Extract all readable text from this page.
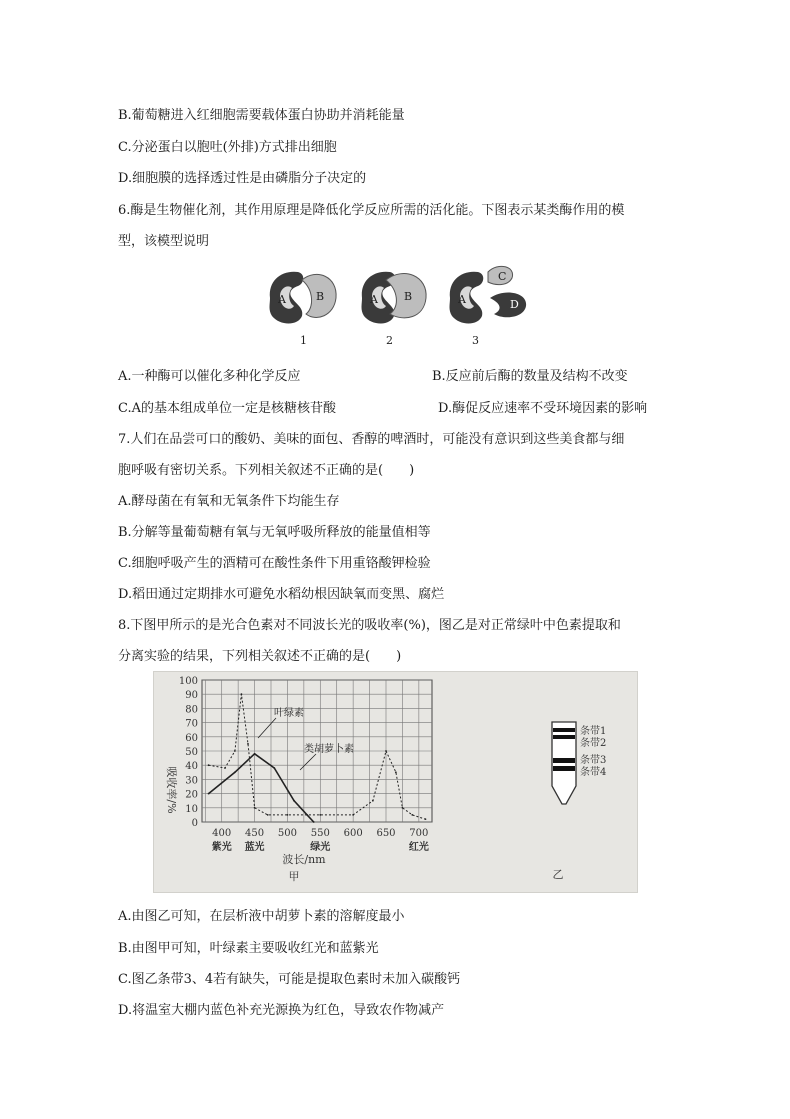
B.葡萄糖进入红细胞需要载体蛋白协助并消耗能量
C.分泌蛋白以胞吐(外排)方式排出细胞
D.细胞膜的选择透过性是由磷脂分子决定的
6.酶是生物催化剂，其作用原理是降低化学反应所需的活化能。下图表示某类酶作用的模
型，该模型说明
A	B
1
A B
2
A
C
D
3
A.一种酶可以催化多种化学反应	B.反应前后酶的数量及结构不改变
C.A的基本组成单位一定是核糖核苷酸	D.酶促反应速率不受环境因素的影响
7.人们在品尝可口的酸奶、美味的面包、香醇的啤酒时，可能没有意识到这些美食都与细
胞呼吸有密切关系。下列相关叙述不正确的是(　　)
A.酵母菌在有氧和无氧条件下均能生存
B.分解等量葡萄糖有氧与无氧呼吸所释放的能量值相等
C.细胞呼吸产生的酒精可在酸性条件下用重铬酸钾检验
D.稻田通过定期排水可避免水稻幼根因缺氧而变黑、腐烂
8.下图甲所示的是光合色素对不同波长光的吸收率(%)，图乙是对正常绿叶中色素提取和
分离实验的结果，下列相关叙述不正确的是(　　)
0
10
20
30
40
50
60
70
80
90
100
400 450 500 550 600 650 700
紫光 蓝光	绿光	红光
叶绿素
类胡萝卜素
吸收率/%
波长/nm
甲
条带1
条带2
条带3
条带4
乙
A.由图乙可知，在层析液中胡萝卜素的溶解度最小
B.由图甲可知，叶绿素主要吸收红光和蓝紫光
C.图乙条带3、4若有缺失，可能是提取色素时未加入碳酸钙
D.将温室大棚内蓝色补充光源换为红色，导致农作物减产
